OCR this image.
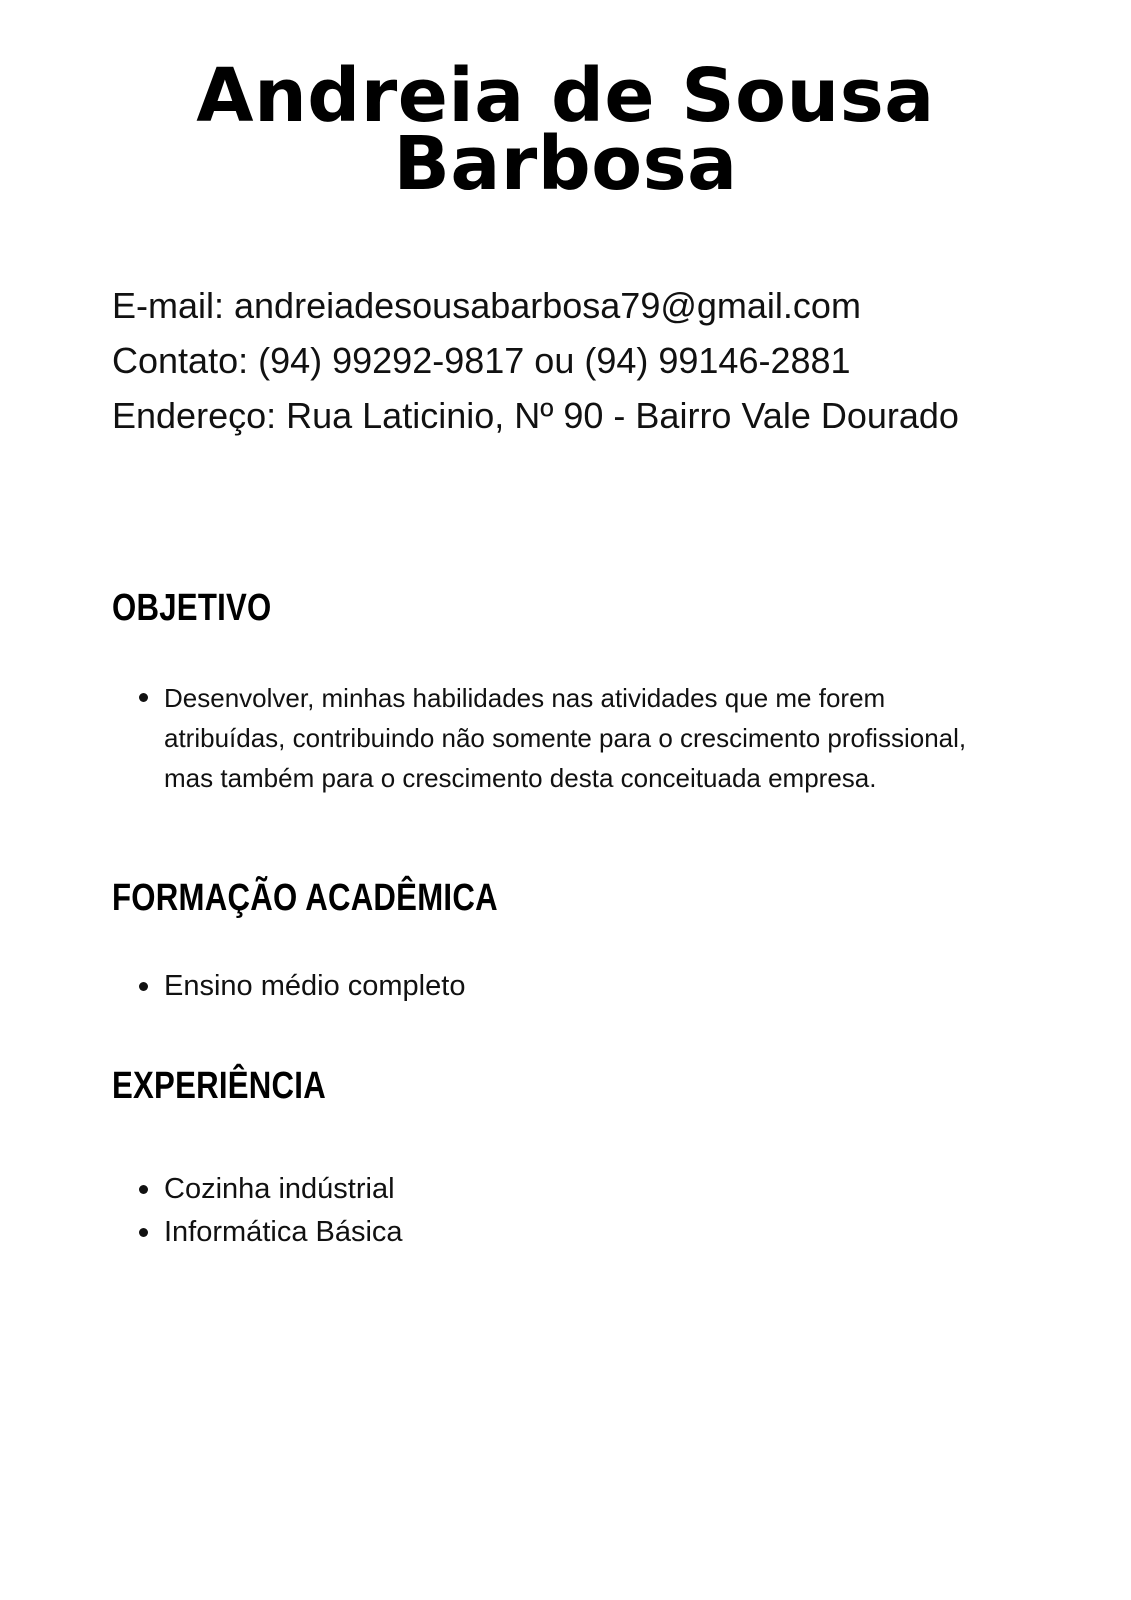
Andreia de Sousa
Barbosa
E-mail: andreiadesousabarbosa79@gmail.com
Contato: (94) 99292-9817 ou (94) 99146-2881
Endereço: Rua Laticinio, Nº 90 - Bairro Vale Dourado
OBJETIVO
Desenvolver, minhas habilidades nas atividades que me forem atribuídas, contribuindo não somente para o crescimento profissional, mas também para o crescimento desta conceituada empresa.
FORMAÇÃO ACADÊMICA
Ensino médio completo
EXPERIÊNCIA
Cozinha indústrial
Informática Básica
